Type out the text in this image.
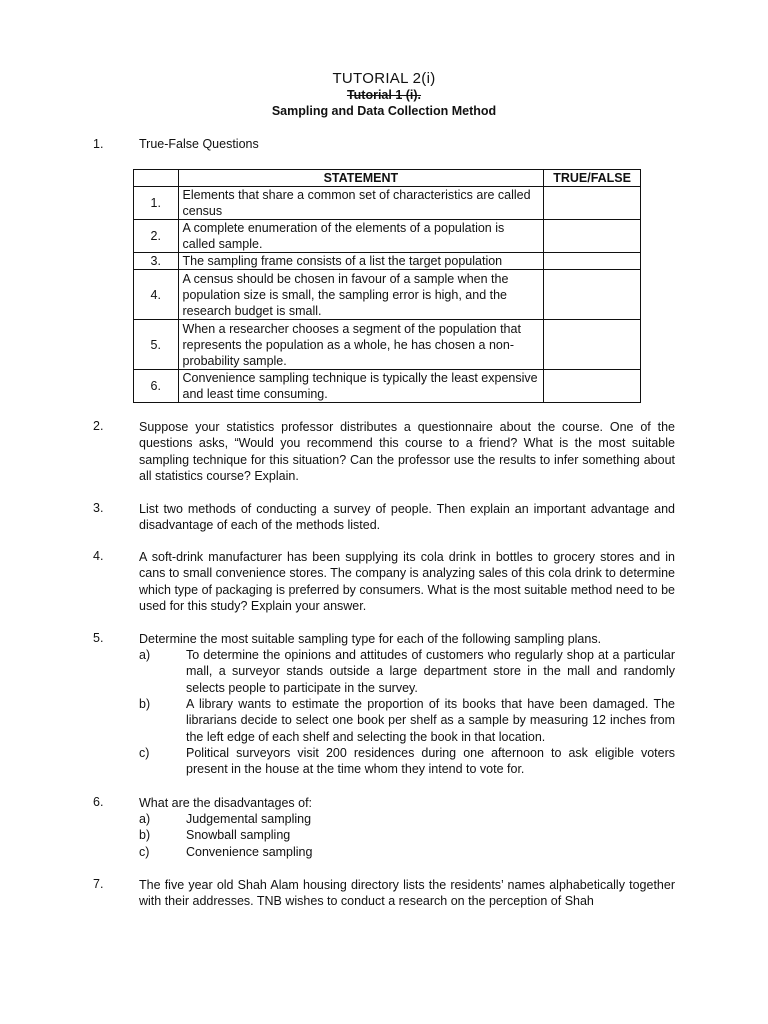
TUTORIAL 2(i)
Tutorial 1 (i).
Sampling and Data Collection Method
1.	True-False Questions
	STATEMENT	TRUE/FALSE
1.	Elements that share a common set of characteristics are called census	
2.	A complete enumeration of the elements of a population is called sample.	
3.	The sampling frame consists of a list the target population	
4.	A census should be chosen in favour of a sample when the population size is small, the sampling error is high, and the research budget is small.	
5.	When a researcher chooses a segment of the population that represents the population as a whole, he has chosen a non-probability sample.	
6.	Convenience sampling technique is typically the least expensive and least time consuming.	
2.	Suppose your statistics professor distributes a questionnaire about the course. One of the questions asks, “Would you recommend this course to a friend? What is the most suitable sampling technique for this situation? Can the professor use the results to infer something about all statistics course? Explain.
3.	List two methods of conducting a survey of people. Then explain an important advantage and disadvantage of each of the methods listed.
4.	A soft-drink manufacturer has been supplying its cola drink in bottles to grocery stores and in cans to small convenience stores. The company is analyzing sales of this cola drink to determine which type of packaging is preferred by consumers. What is the most suitable method need to be used for this study? Explain your answer.
5.	Determine the most suitable sampling type for each of the following sampling plans.
a)	To determine the opinions and attitudes of customers who regularly shop at a particular mall, a surveyor stands outside a large department store in the mall and randomly selects people to participate in the survey.
b)	A library wants to estimate the proportion of its books that have been damaged. The librarians decide to select one book per shelf as a sample by measuring 12 inches from the left edge of each shelf and selecting the book in that location.
c)	Political surveyors visit 200 residences during one afternoon to ask eligible voters present in the house at the time whom they intend to vote for.
6.	What are the disadvantages of:
a)	Judgemental sampling
b)	Snowball sampling
c)	Convenience sampling
7.	The five year old Shah Alam housing directory lists the residents’ names alphabetically together with their addresses. TNB wishes to conduct a research on the perception of Shah
